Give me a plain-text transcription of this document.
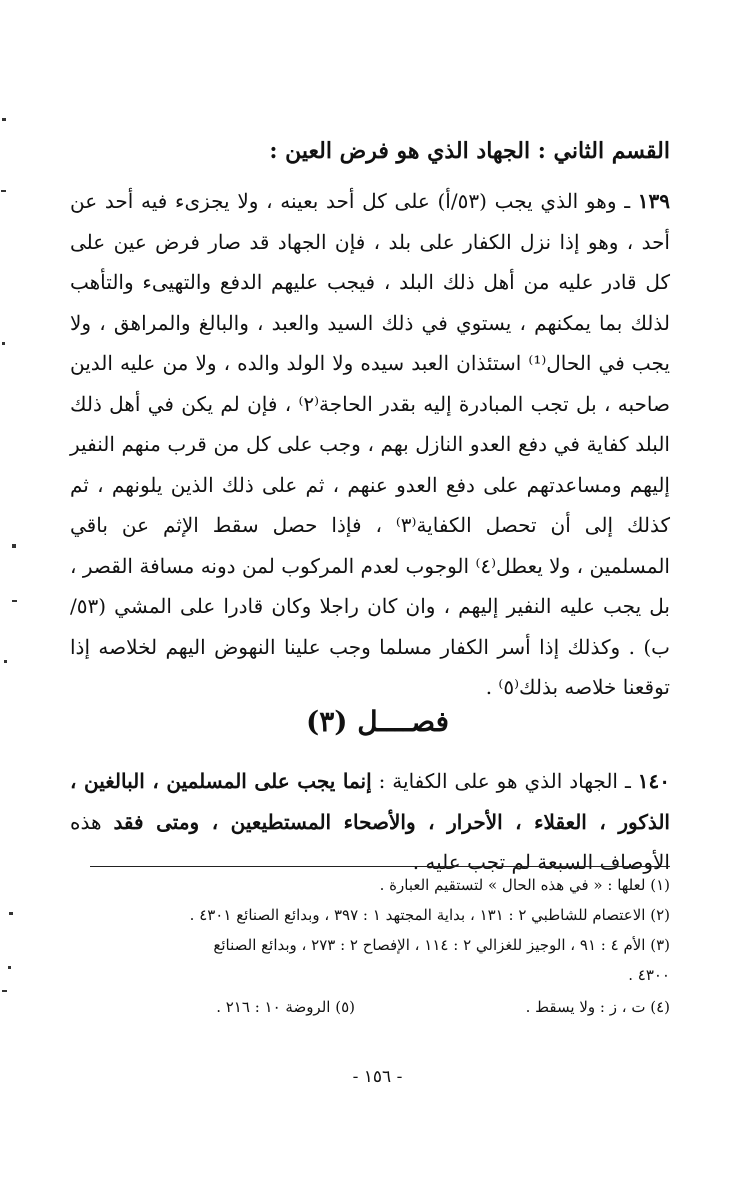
القسم الثاني : الجهاد الذي هو فرض العين :
١٣٩ ـ وهو الذي يجب (٥٣/أ) على كل أحد بعينه ، ولا يجزىء فيه أحد عن أحد ، وهو إذا نزل الكفار على بلد ، فإن الجهاد قد صار فرض عين على كل قادر عليه من أهل ذلك البلد ، فيجب عليهم الدفع والتهيىء والتأهب لذلك بما يمكنهم ، يستوي في ذلك السيد والعبد ، والبالغ والمراهق ، ولا يجب في الحال⁽¹⁾ استئذان العبد سيده ولا الولد والده ، ولا من عليه الدين صاحبه ، بل تجب المبادرة إليه بقدر الحاجة⁽٢⁾ ، فإن لم يكن في أهل ذلك البلد كفاية في دفع العدو النازل بهم ، وجب على كل من قرب منهم النفير إليهم ومساعدتهم على دفع العدو عنهم ، ثم على ذلك الذين يلونهم ، ثم كذلك إلى أن تحصل الكفاية⁽٣⁾ ، فإذا حصل سقط الإثم عن باقي المسلمين ، ولا يعطل⁽٤⁾ الوجوب لعدم المركوب لمن دونه مسافة القصر ، بل يجب عليه النفير إليهم ، وان كان راجلا وكان قادرا على المشي (٥٣/ب) . وكذلك إذا أسر الكفار مسلما وجب علينا النهوض اليهم لخلاصه إذا توقعنا خلاصه بذلك⁽٥⁾ .
فصــــل (٣)
١٤٠ ـ الجهاد الذي هو على الكفاية : إنما يجب على المسلمين ، البالغين ، الذكور ، العقلاء ، الأحرار ، والأصحاء المستطيعين ، ومتى فقد هذه الأوصاف السبعة لم تجب عليه .
(١) لعلها : « في هذه الحال » لتستقيم العبارة .
(٢) الاعتصام للشاطبي ٢ : ١٣١ ، بداية المجتهد ١ : ٣٩٧ ، وبدائع الصنائع ٤٣٠١ .
(٣) الأم ٤ : ٩١ ، الوجيز للغزالي ٢ : ١١٤ ، الإفصاح ٢ : ٢٧٣ ، وبدائع الصنائع
٤٣٠٠ .
(٤) ت ، ز : ولا يسقط .
(٥) الروضة ١٠ : ٢١٦ .
- ١٥٦ -
